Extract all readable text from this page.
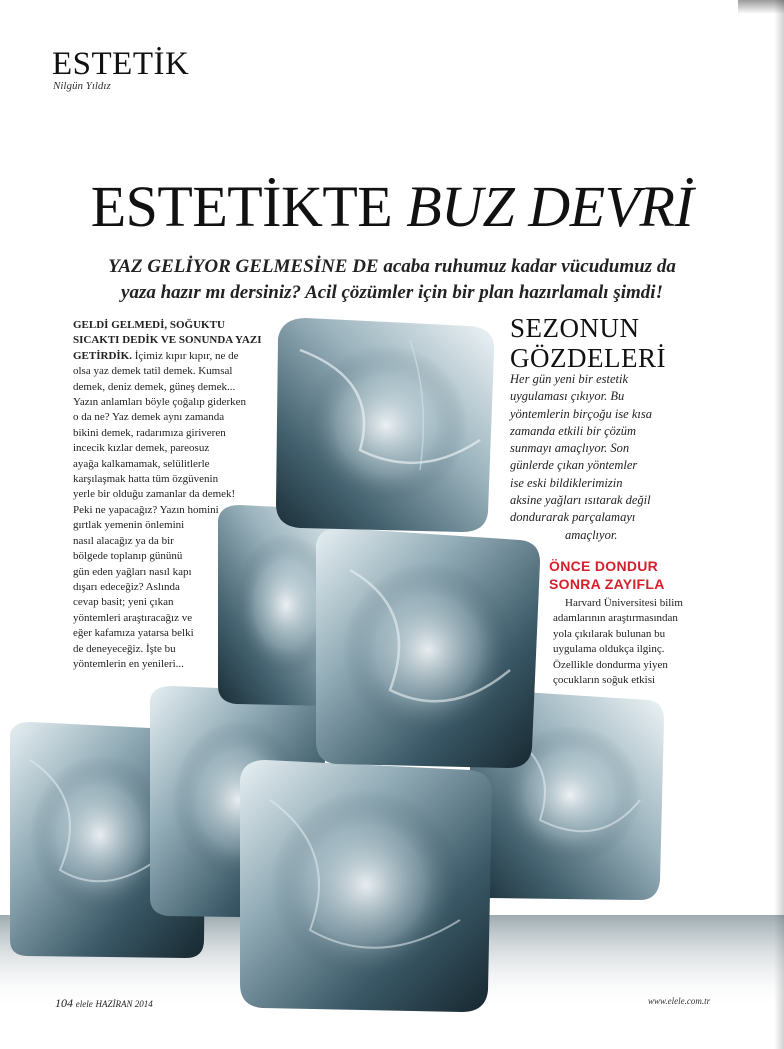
ESTETİK
Nilgün Yıldız
ESTETİKTE BUZ DEVRİ
YAZ GELİYOR GELMESİNE DE acaba ruhumuz kadar vücudumuz da
yaza hazır mı dersiniz? Acil çözümler için bir plan hazırlamalı şimdi!
GELDİ GELMEDİ, SOĞUKTU
SICAKTI DEDİK VE SONUNDA YAZI
GETİRDİK. İçimiz kıpır kıpır, ne de
olsa yaz demek tatil demek. Kumsal
demek, deniz demek, güneş demek...
Yazın anlamları böyle çoğalıp giderken
o da ne? Yaz demek aynı zamanda
bikini demek, radarımıza giriveren
incecik kızlar demek, pareosuz
ayağa kalkamamak, selülitlerle
karşılaşmak hatta tüm özgüvenin
yerle bir olduğu zamanlar da demek!
Peki ne yapacağız? Yazın homini
gırtlak yemenin önlemini
nasıl alacağız ya da bir
bölgede toplanıp gününü
gün eden yağları nasıl kapı
dışarı edeceğiz? Aslında
cevap basit; yeni çıkan
yöntemleri araştıracağız ve
eğer kafamıza yatarsa belki
de deneyeceğiz. İşte bu
yöntemlerin en yenileri...
SEZONUN
GÖZDELERİ
Her gün yeni bir estetik
uygulaması çıkıyor. Bu
yöntemlerin birçoğu ise kısa
zamanda etkili bir çözüm
sunmayı amaçlıyor. Son
günlerde çıkan yöntemler
ise eski bildiklerimizin
aksine yağları ısıtarak değil
dondurarak parçalamayı
amaçlıyor.
ÖNCE DONDUR
SONRA ZAYIFLA
Harvard Üniversitesi bilim
adamlarının araştırmasından
yola çıkılarak bulunan bu
uygulama oldukça ilginç.
Özellikle dondurma yiyen
çocukların soğuk etkisi
104 elele HAZİRAN 2014	www.elele.com.tr
